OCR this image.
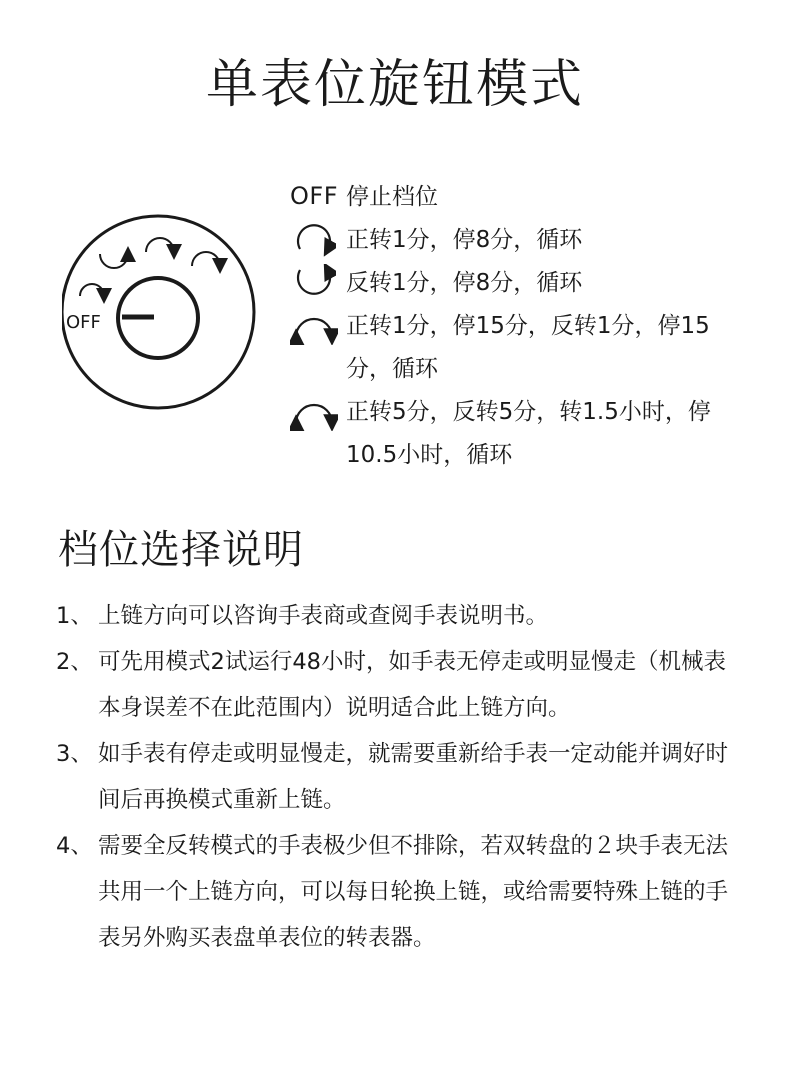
单表位旋钮模式
OFF
OFF 停止档位
正转1分，停8分，循环
反转1分，停8分，循环
正转1分，停15分，反转1分，停15分，循环
正转5分，反转5分，转1.5小时，停10.5小时，循环
档位选择说明
1、 上链方向可以咨询手表商或查阅手表说明书。
2、 可先用模式2试运行48小时，如手表无停走或明显慢走（机械表本身误差不在此范围内）说明适合此上链方向。
3、 如手表有停走或明显慢走，就需要重新给手表一定动能并调好时间后再换模式重新上链。
4、 需要全反转模式的手表极少但不排除，若双转盘的２块手表无法共用一个上链方向，可以每日轮换上链，或给需要特殊上链的手表另外购买表盘单表位的转表器。
